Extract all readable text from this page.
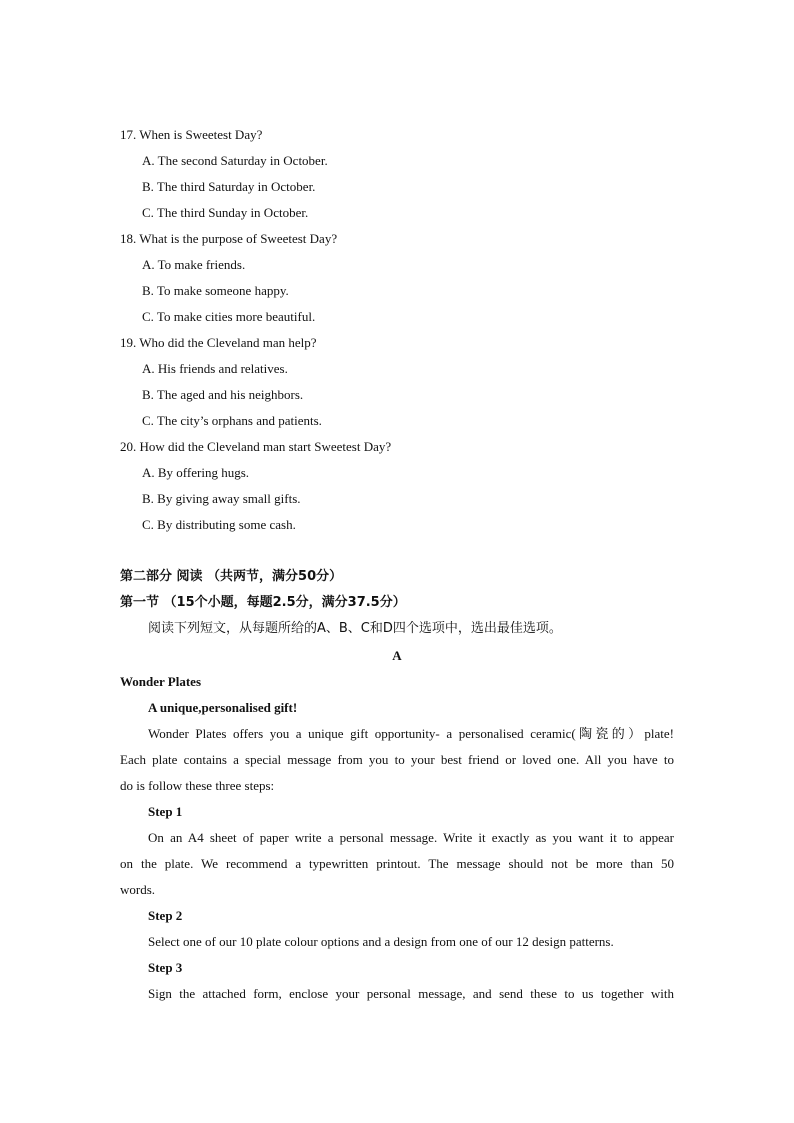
17. When is Sweetest Day?
A. The second Saturday in October.
B. The third Saturday in October.
C. The third Sunday in October.
18. What is the purpose of Sweetest Day?
A. To make friends.
B. To make someone happy.
C. To make cities more beautiful.
19. Who did the Cleveland man help?
A. His friends and relatives.
B. The aged and his neighbors.
C. The city’s orphans and patients.
20. How did the Cleveland man start Sweetest Day?
A. By offering hugs.
B. By giving away small gifts.
C. By distributing some cash.
第二部分 阅读 （共两节，满分50分）
第一节 （15个小题，每题2.5分，满分37.5分）
阅读下列短文，从每题所给的A、B、C和D四个选项中，选出最佳选项。
A
Wonder Plates
A unique,personalised gift!
Wonder Plates offers you a unique gift opportunity- a personalised ceramic(陶瓷的）plate!
Each plate contains a special message from you to your best friend or loved one. All you have to
do is follow these three steps:
Step 1
On an A4 sheet of paper write a personal message. Write it exactly as you want it to appear
on the plate. We recommend a typewritten printout. The message should not be more than 50
words.
Step 2
Select one of our 10 plate colour options and a design from one of our 12 design patterns.
Step 3
Sign the attached form, enclose your personal message, and send these to us together with
